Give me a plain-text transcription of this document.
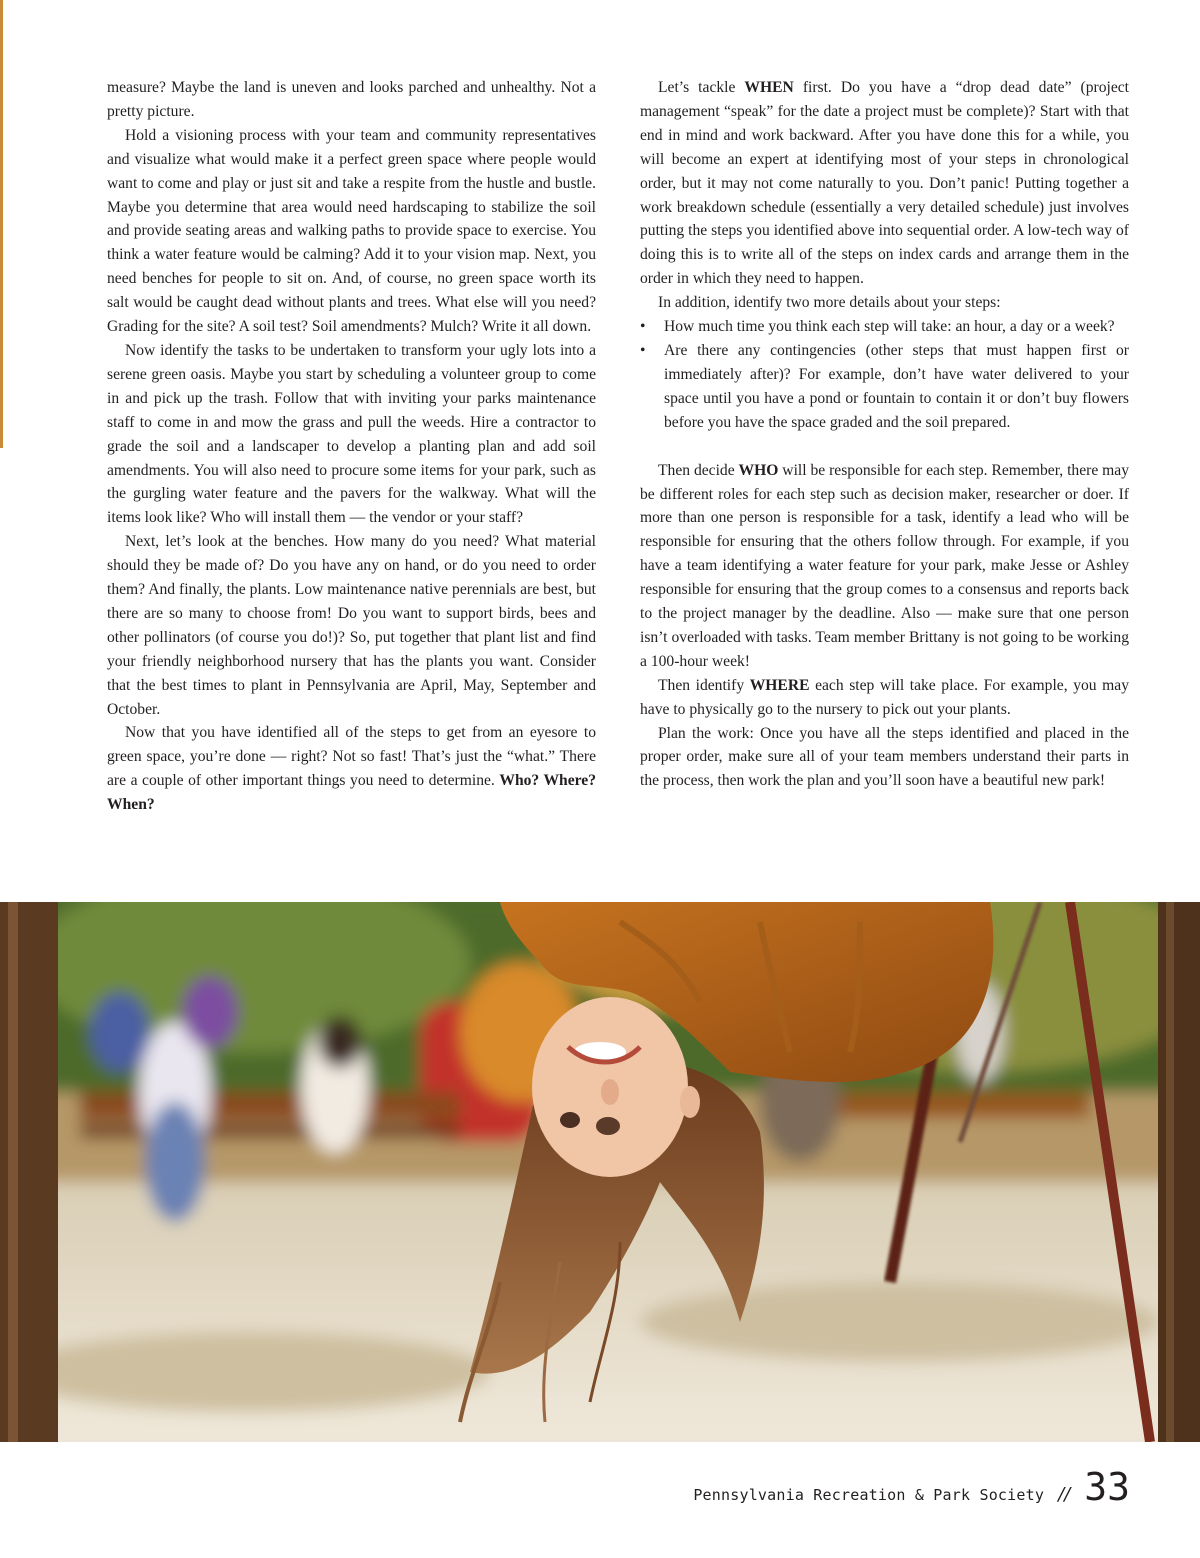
measure? Maybe the land is uneven and looks parched and unhealthy. Not a pretty picture.

Hold a visioning process with your team and community representatives and visualize what would make it a perfect green space where people would want to come and play or just sit and take a respite from the hustle and bustle. Maybe you determine that area would need hardscaping to stabilize the soil and provide seating areas and walking paths to provide space to exercise. You think a water feature would be calming? Add it to your vision map. Next, you need benches for people to sit on. And, of course, no green space worth its salt would be caught dead without plants and trees. What else will you need? Grading for the site? A soil test? Soil amendments? Mulch? Write it all down.

Now identify the tasks to be undertaken to transform your ugly lots into a serene green oasis. Maybe you start by scheduling a volunteer group to come in and pick up the trash. Follow that with inviting your parks maintenance staff to come in and mow the grass and pull the weeds. Hire a contractor to grade the soil and a landscaper to develop a planting plan and add soil amendments. You will also need to procure some items for your park, such as the gurgling water feature and the pavers for the walkway. What will the items look like? Who will install them — the vendor or your staff?

Next, let’s look at the benches. How many do you need? What material should they be made of? Do you have any on hand, or do you need to order them? And finally, the plants. Low maintenance native perennials are best, but there are so many to choose from! Do you want to support birds, bees and other pollinators (of course you do!)? So, put together that plant list and find your friendly neighborhood nursery that has the plants you want. Consider that the best times to plant in Pennsylvania are April, May, September and October.

Now that you have identified all of the steps to get from an eyesore to green space, you’re done — right? Not so fast! That’s just the “what.” There are a couple of other important things you need to determine. Who? Where? When?

Let’s tackle WHEN first. Do you have a “drop dead date” (project management “speak” for the date a project must be complete)? Start with that end in mind and work backward. After you have done this for a while, you will become an expert at identifying most of your steps in chronological order, but it may not come naturally to you. Don’t panic! Putting together a work breakdown schedule (essentially a very detailed schedule) just involves putting the steps you identified above into sequential order. A low-tech way of doing this is to write all of the steps on index cards and arrange them in the order in which they need to happen.

In addition, identify two more details about your steps:

• How much time you think each step will take: an hour, a day or a week?
• Are there any contingencies (other steps that must happen first or immediately after)? For example, don’t have water delivered to your space until you have a pond or fountain to contain it or don’t buy flowers before you have the space graded and the soil prepared.

Then decide WHO will be responsible for each step. Remember, there may be different roles for each step such as decision maker, researcher or doer. If more than one person is responsible for a task, identify a lead who will be responsible for ensuring that the others follow through. For example, if you have a team identifying a water feature for your park, make Jesse or Ashley responsible for ensuring that the group comes to a consensus and reports back to the project manager by the deadline. Also — make sure that one person isn’t overloaded with tasks. Team member Brittany is not going to be working a 100-hour week!

Then identify WHERE each step will take place. For example, you may have to physically go to the nursery to pick out your plants.

Plan the work: Once you have all the steps identified and placed in the proper order, make sure all of your team members understand their parts in the process, then work the plan and you’ll soon have a beautiful new park!

Pennsylvania Recreation & Park Society // 33
